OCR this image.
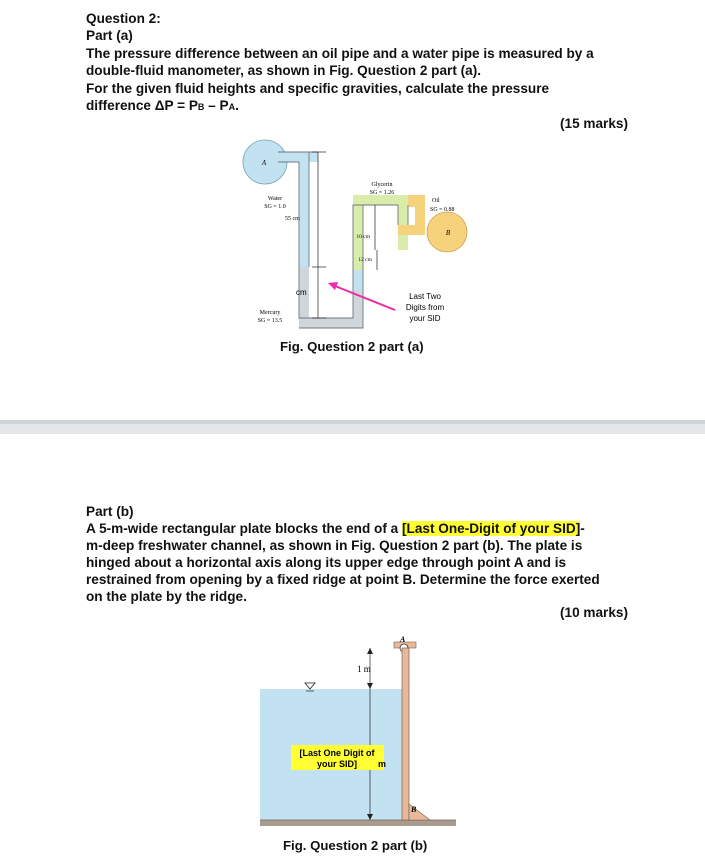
Question 2:
Part (a)
The pressure difference between an oil pipe and a water pipe is measured by a
double-fluid manometer, as shown in Fig. Question 2 part (a).
For the given fluid heights and specific gravities, calculate the pressure
difference ΔP = PB – PA.
(15 marks)
A
B
55 cm
10 cm
12 cm
cm
Water
SG = 1.0
Glycerin
SG = 1.26
Oil
SG = 0.88
Mercury
SG = 13.5
Last Two
Digits from
your SID
Fig. Question 2 part (a)
Part (b)
A 5-m-wide rectangular plate blocks the end of a [Last One-Digit of your SID]-
m-deep freshwater channel, as shown in Fig. Question 2 part (b). The plate is
hinged about a horizontal axis along its upper edge through point A and is
restrained from opening by a fixed ridge at point B. Determine the force exerted
on the plate by the ridge.
(10 marks)
A
B
1 m
[Last One Digit of
your SID] m
Fig. Question 2 part (b)
